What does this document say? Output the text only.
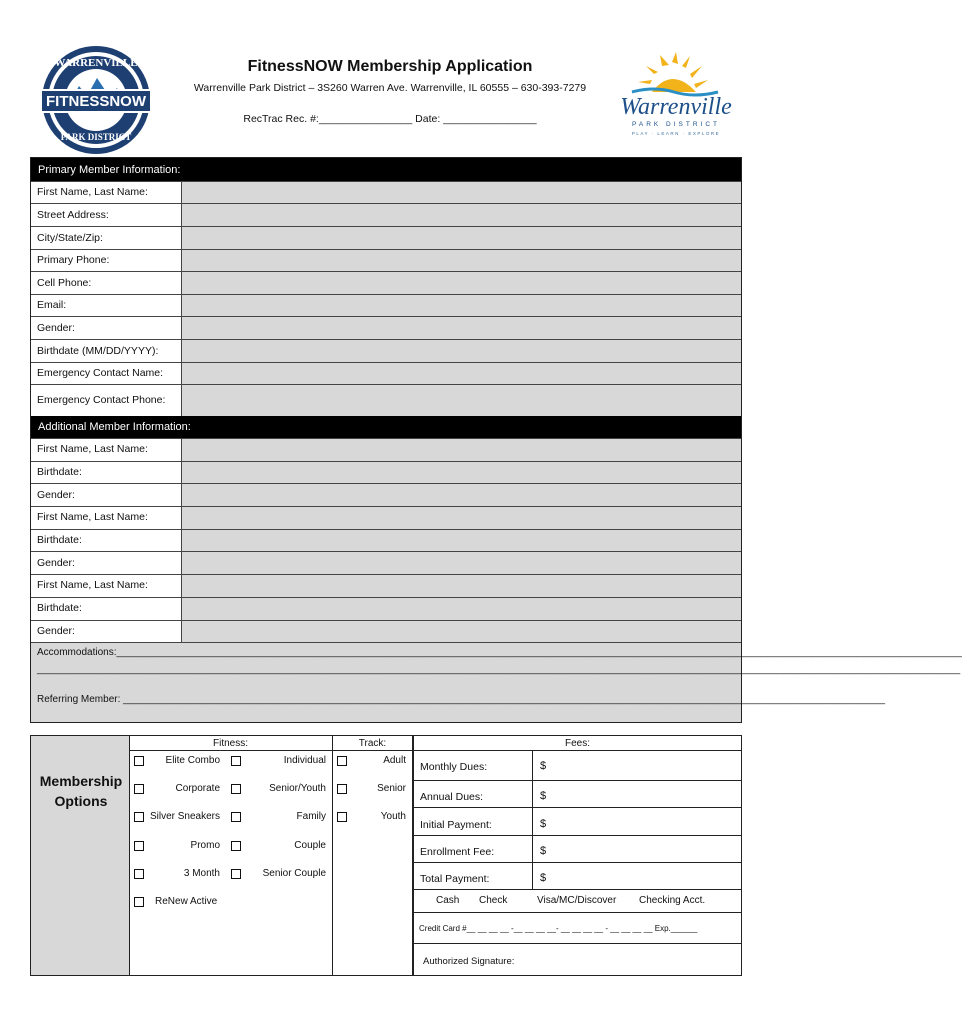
FITNESSNOW
WARRENVILLE
PARK DISTRICT
Warrenville
PARK DISTRICT
PLAY · LEARN · EXPLORE
FitnessNOW Membership Application
Warrenville Park District – 3S260 Warren Ave. Warrenville, IL 60555 – 630-393-7279
RecTrac Rec. #:________________ Date: ________________
Primary Member Information:
First Name, Last Name:
Street Address:
City/State/Zip:
Primary Phone:
Cell Phone:
Email:
Gender:
Birthdate (MM/DD/YYYY):
Emergency Contact Name:
Emergency Contact Phone:
Additional Member Information:
First Name, Last Name:
Birthdate:
Gender:
First Name, Last Name:
Birthdate:
Gender:
First Name, Last Name:
Birthdate:
Gender:
Accommodations:________________________________________________________________________________________________________________________________________________________
______________________________________________________________________________________________________________________________________________________________________
Referring Member: _________________________________________________________________________________________________________________________________________
Membership
Options
Fitness:	Track:
Elite Combo
Corporate
Silver Sneakers
Promo
3 Month
ReNew Active
Individual
Senior/Youth
Family
Couple
Senior Couple
Adult
Senior
Youth
Fees:
Monthly Dues:	$
Annual Dues:	$
Initial Payment:	$
Enrollment Fee:	$
Total Payment:	$
Cash Check	Visa/MC/Discover Checking Acct.
Credit Card #__ __ __ __ -__ __ __ __- __ __ __ __ - __ __ __ __ Exp.______
Authorized Signature:
